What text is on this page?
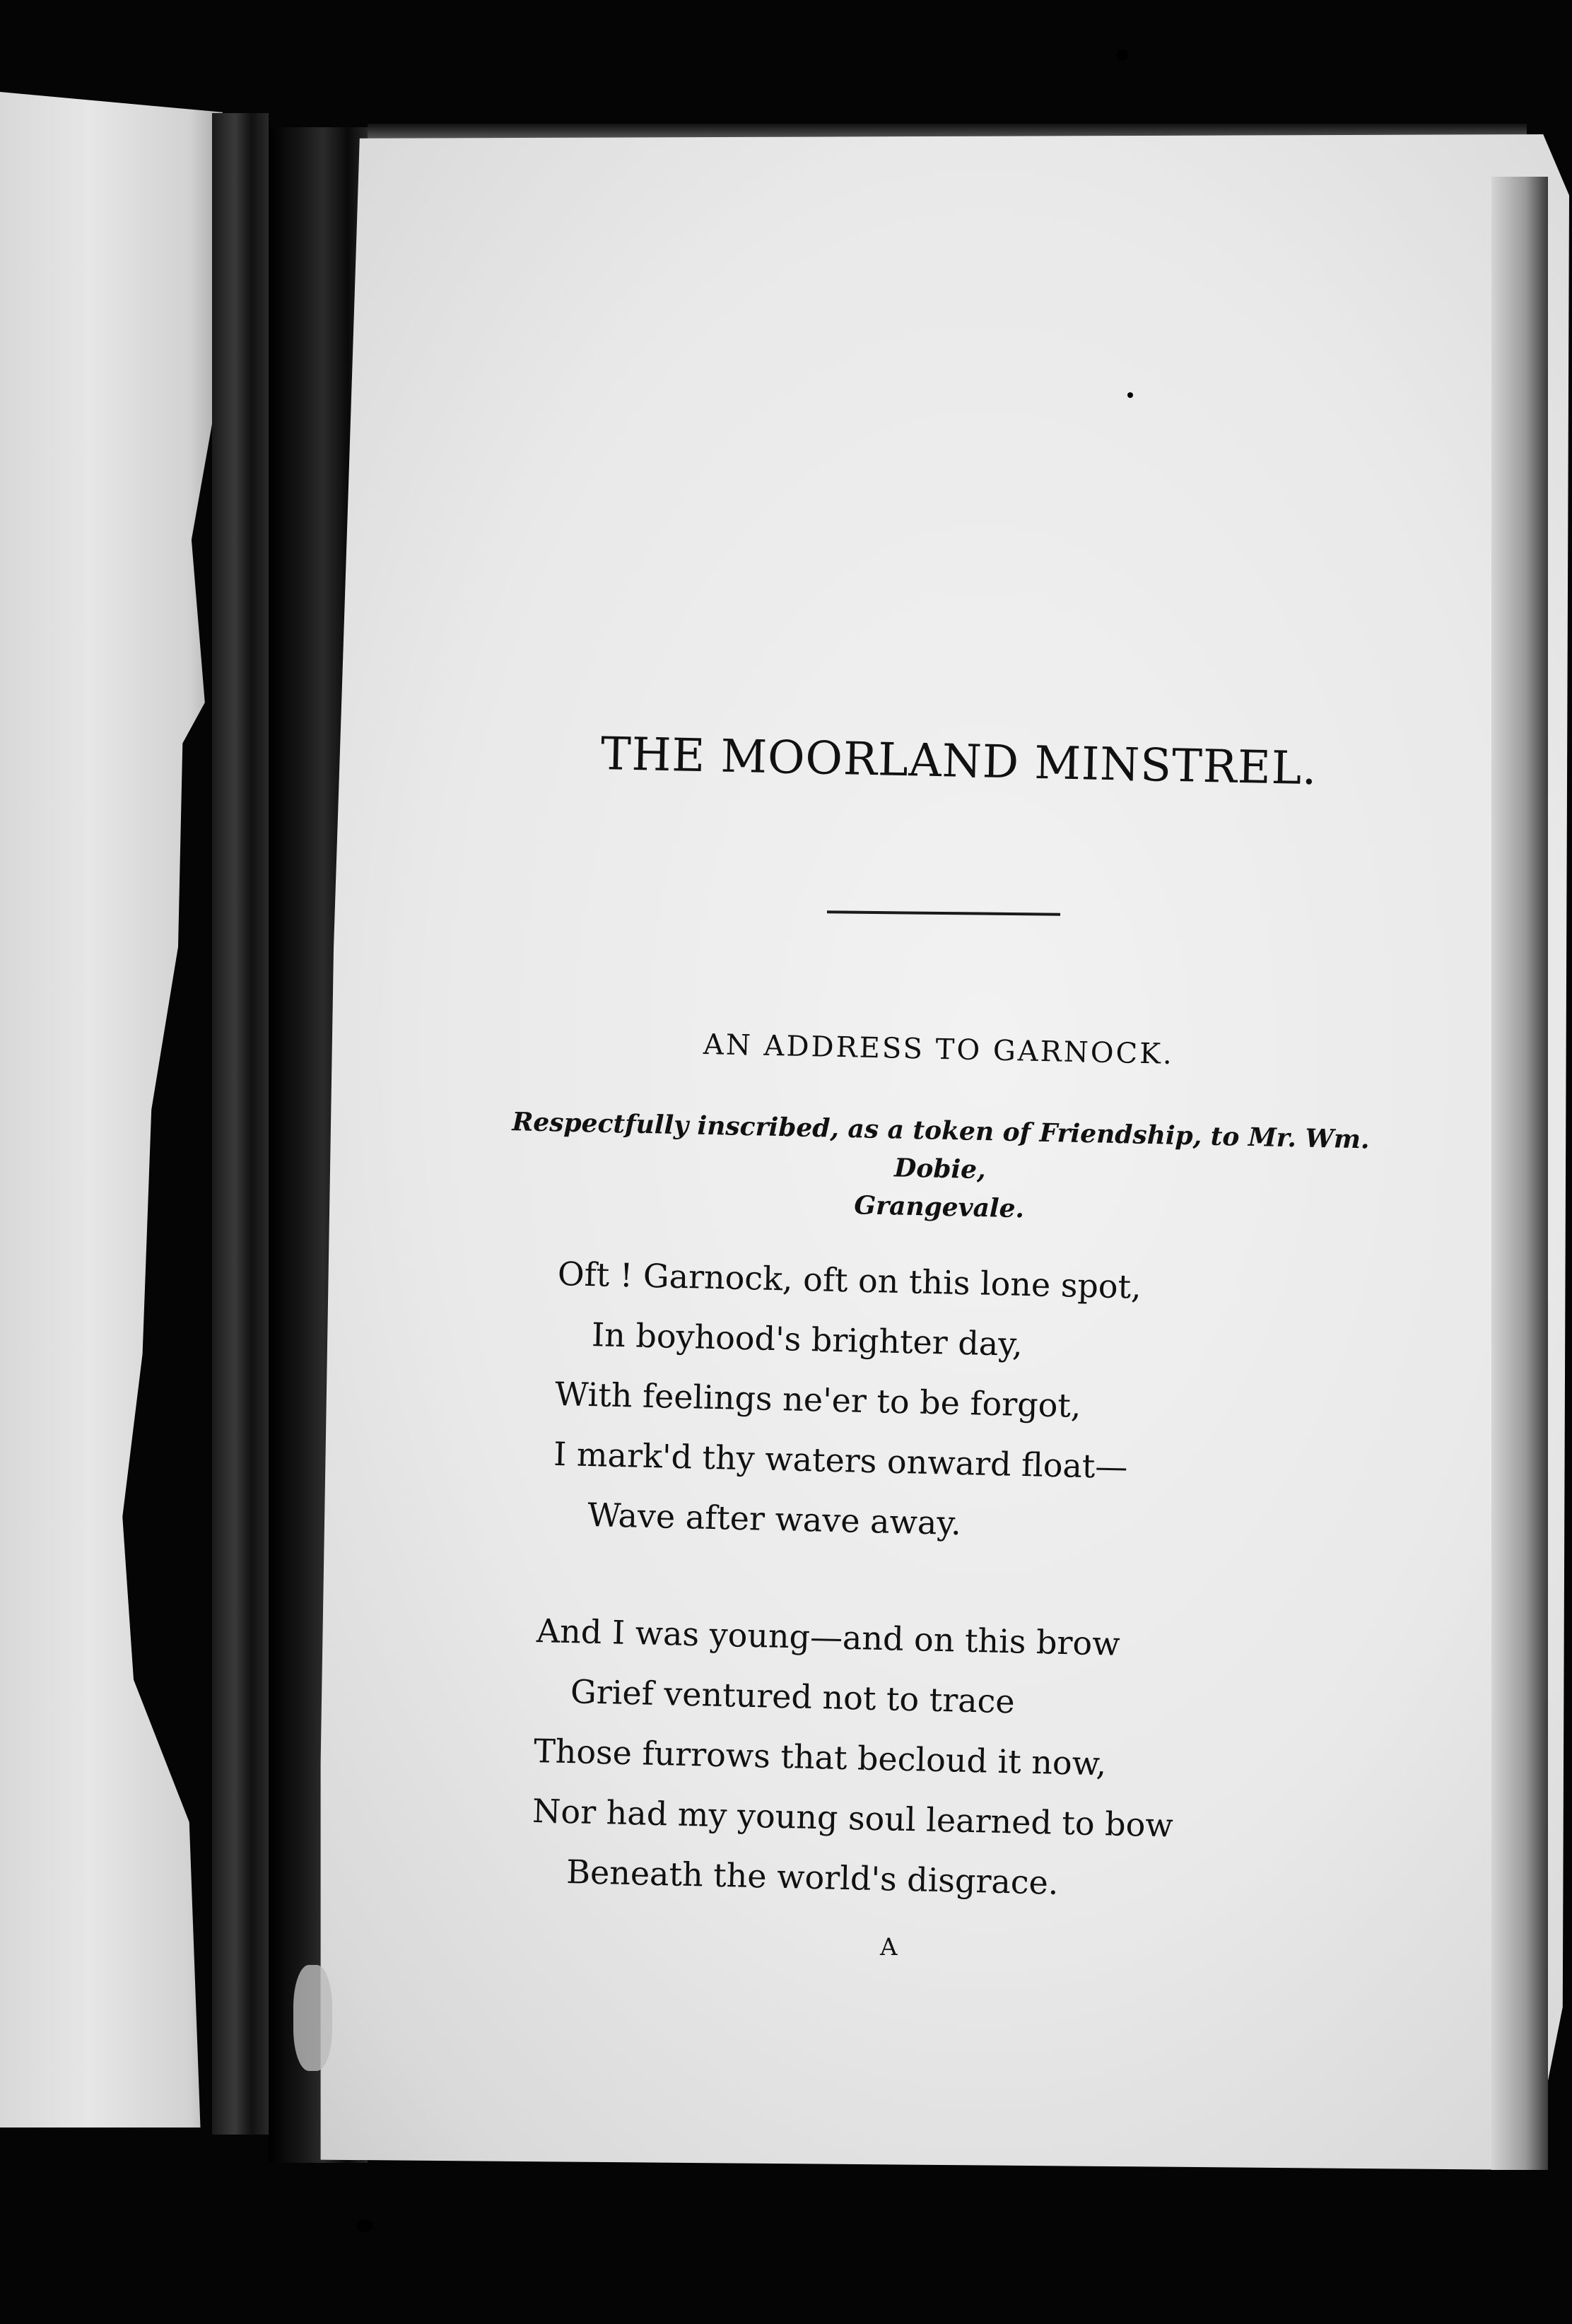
THE MOORLAND MINSTREL.
AN ADDRESS TO GARNOCK.
Respectfully inscribed, as a token of Friendship, to Mr. Wm. Dobie,
Grangevale.
Oft ! Garnock, oft on this lone spot,
In boyhood's brighter day,
With feelings ne'er to be forgot,
I mark'd thy waters onward float—
Wave after wave away.
And I was young—and on this brow
Grief ventured not to trace
Those furrows that becloud it now,
Nor had my young soul learned to bow
Beneath the world's disgrace.
A
